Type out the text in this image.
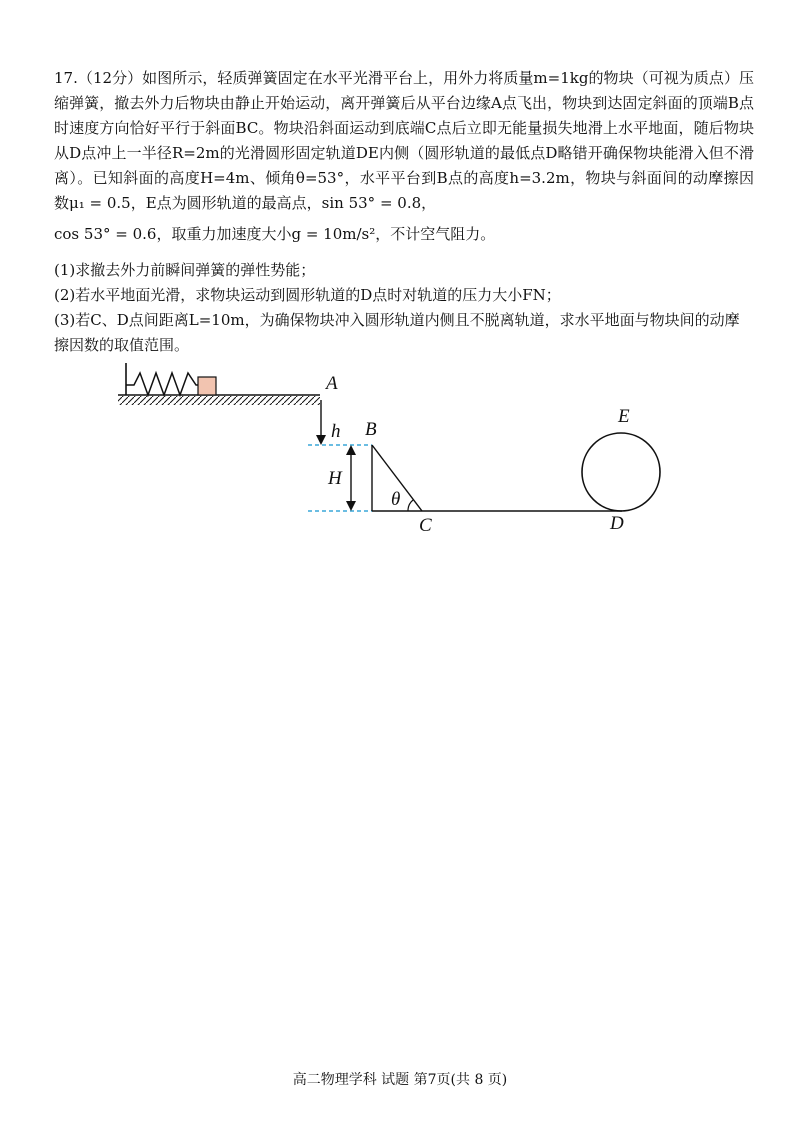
17.（12分）如图所示，轻质弹簧固定在水平光滑平台上，用外力将质量m=1kg的物块（可视为质点）压缩弹簧，撤去外力后物块由静止开始运动，离开弹簧后从平台边缘A点飞出，物块到达固定斜面的顶端B点时速度方向恰好平行于斜面BC。物块沿斜面运动到底端C点后立即无能量损失地滑上水平地面，随后物块从D点冲上一半径R=2m的光滑圆形固定轨道DE内侧（圆形轨道的最低点D略错开确保物块能滑入但不滑离）。已知斜面的高度H=4m、倾角θ=53°，水平平台到B点的高度h=3.2m，物块与斜面间的动摩擦因数μ₁ = 0.5，E点为圆形轨道的最高点，sin 53° = 0.8，

cos 53° = 0.6，取重力加速度大小g = 10m/s²，不计空气阻力。

(1)求撤去外力前瞬间弹簧的弹性势能；

(2)若水平地面光滑，求物块运动到圆形轨道的D点时对轨道的压力大小FN；

(3)若C、D点间距离L=10m，为确保物块冲入圆形轨道内侧且不脱离轨道，求水平地面与物块间的动摩擦因数的取值范围。

A
h
H
B
θ
C	D
E
高二物理学科 试题 第7页(共 8 页)
